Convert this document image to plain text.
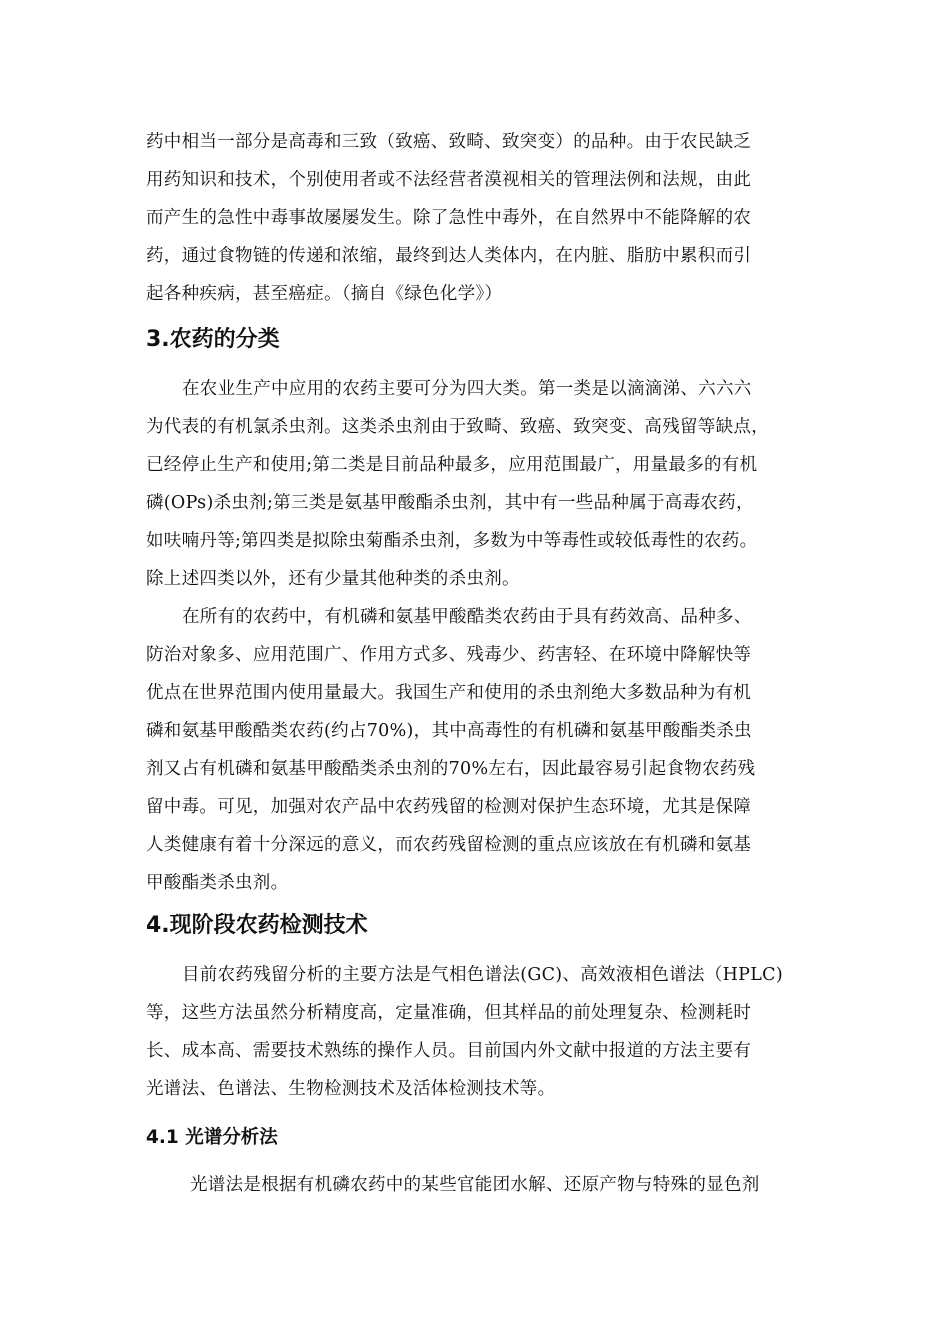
药中相当一部分是高毒和三致（致癌、致畸、致突变）的品种。由于农民缺乏
用药知识和技术，个别使用者或不法经营者漠视相关的管理法例和法规，由此
而产生的急性中毒事故屡屡发生。除了急性中毒外，在自然界中不能降解的农
药，通过食物链的传递和浓缩，最终到达人类体内，在内脏、脂肪中累积而引
起各种疾病，甚至癌症。（摘自《绿色化学》）
3.农药的分类
在农业生产中应用的农药主要可分为四大类。第一类是以滴滴涕、六六六
为代表的有机氯杀虫剂。这类杀虫剂由于致畸、致癌、致突变、高残留等缺点，
已经停止生产和使用;第二类是目前品种最多，应用范围最广，用量最多的有机
磷(OPs)杀虫剂;第三类是氨基甲酸酯杀虫剂，其中有一些品种属于高毒农药，
如呋喃丹等;第四类是拟除虫菊酯杀虫剂，多数为中等毒性或较低毒性的农药。
除上述四类以外，还有少量其他种类的杀虫剂。
在所有的农药中，有机磷和氨基甲酸酷类农药由于具有药效高、品种多、
防治对象多、应用范围广、作用方式多、残毒少、药害轻、在环境中降解快等
优点在世界范围内使用量最大。我国生产和使用的杀虫剂绝大多数品种为有机
磷和氨基甲酸酷类农药(约占70%)，其中高毒性的有机磷和氨基甲酸酯类杀虫
剂又占有机磷和氨基甲酸酷类杀虫剂的70%左右，因此最容易引起食物农药残
留中毒。可见，加强对农产品中农药残留的检测对保护生态环境，尤其是保障
人类健康有着十分深远的意义，而农药残留检测的重点应该放在有机磷和氨基
甲酸酯类杀虫剂。
4.现阶段农药检测技术
目前农药残留分析的主要方法是气相色谱法(GC)、高效液相色谱法（HPLC)
等，这些方法虽然分析精度高，定量准确，但其样品的前处理复杂、检测耗时
长、成本高、需要技术熟练的操作人员。目前国内外文献中报道的方法主要有
光谱法、色谱法、生物检测技术及活体检测技术等。
4.1 光谱分析法
光谱法是根据有机磷农药中的某些官能团水解、还原产物与特殊的显色剂
